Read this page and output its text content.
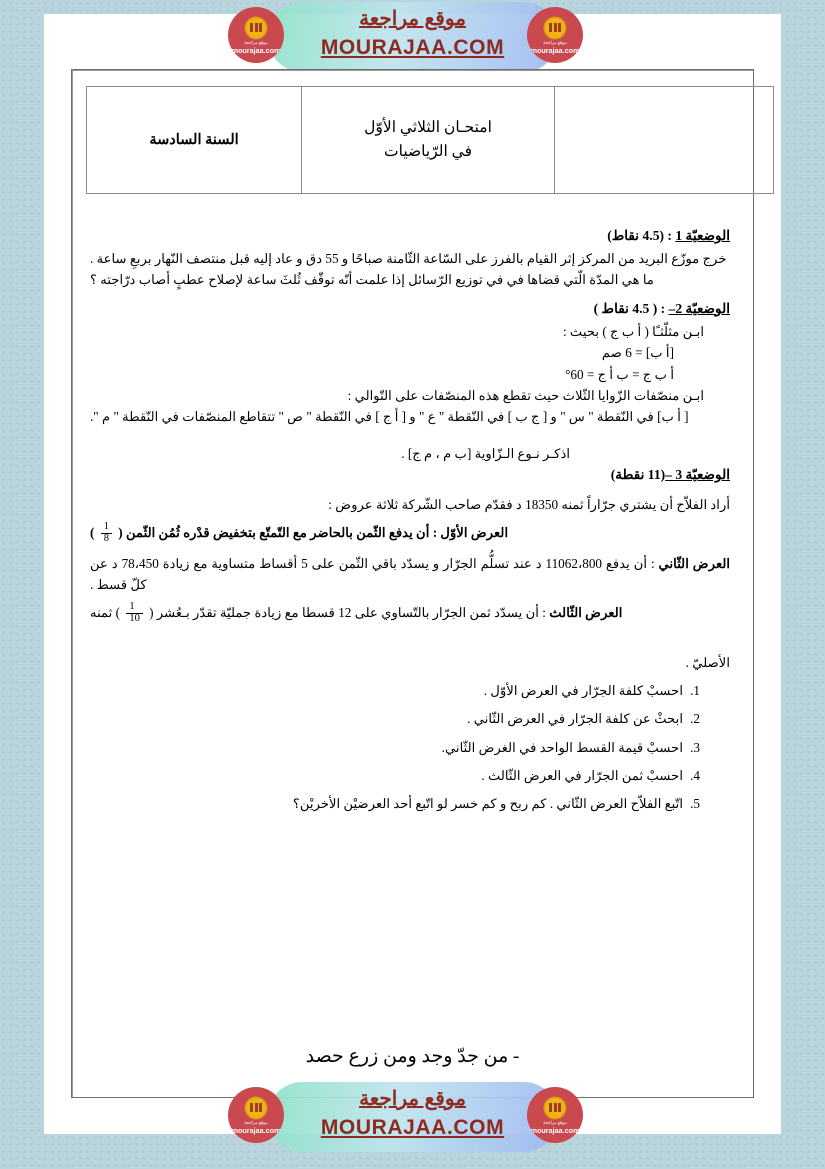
موقع مراجعة
mourajaa.com
موقع مراجعة
MOURAJAA.COM	موقع مراجعة
mourajaa.com

امتحـان الثلاثي الأوّل
في الرّياضيات
	السنة السادسة
الوضعيّة 1 : (4.5 نقاط)

خرج موزّع البريد من المركز إثر القيام بالفرز على السّاعة الثّامنة صباحًا و 55 دق و عاد إليه قبل منتصف النّهار بربعِ ساعة .

ما هي المدّة الّتي قضاها في في توزيع الرّسائل إذا علمت أنّه توقّف ثُلثَ ساعة لإصلاح عطبٍ أصاب درّاجته ؟

الوضعيّة 2– : ( 4.5 نقاط )

ابـن مثلّثـًا ( أ ب ج ) بحيث :

[أ ب] = 6 صم

أ ب ج = ب أ ج = 60°

ابـن منصّفات الزّوايا الثّلاث حيث تقطع هذه المنصّفات على التّوالي :

[ أ ب] في النّقطة " س " و [ ج ب ] في النّقطة " ع " و [ أ ج ] في النّقطة " ص " تتقاطع المنصّفات في النّقطة " م ".

اذكـر نـوع الـزّاوية [ب م ، م ج] .

الوضعيّة 3 –(11 نقطة)

أراد الفلاّح أن يشتري جرّاراً ثمنه 18350 د فقدّم صاحب الشّركة ثلاثة عروض :

العرض الأوّل : أن يدفع الثّمن بالحاضر مع التّمتّع بتخفيض قدْره ثُمُن الثّمن (
$\frac{1}{8}$
)

العرض الثّاني : أن يدفع 11062،800 د عند تسلُّم الجرّار و يسدّد باقي الثّمن على 5 أقساط متساوية مع زيادة 78،450 د عن كلّ قسط .

العرض الثّالث : أن يسدّد ثمن الجرّار بالتّساوي على 12 قسطا مع زيادة جمليّة تقدّر بـعُشر (
$\frac{1}{10}$
) ثمنه

الأصليّ .

1.احسبْ كلفة الجرّار في العرض الأوّل .
2.ابحثْ عن كلفة الجرّار في العرض الثّاني .
3.احسبْ قيمة القسط الواحد في الغرض الثّاني.
4.احسبْ ثمن الجرّار في العرض الثّالث .
5.اتّبع الفلاّح العرض الثّاني . كم ربح و كم خسر لو اتّبع أحد العرضيْن الأخريْن؟
- من جدّ وجد ومن زرع حصد
موقع مراجعة
mourajaa.com
موقع مراجعة
MOURAJAA.COM	موقع مراجعة
mourajaa.com
